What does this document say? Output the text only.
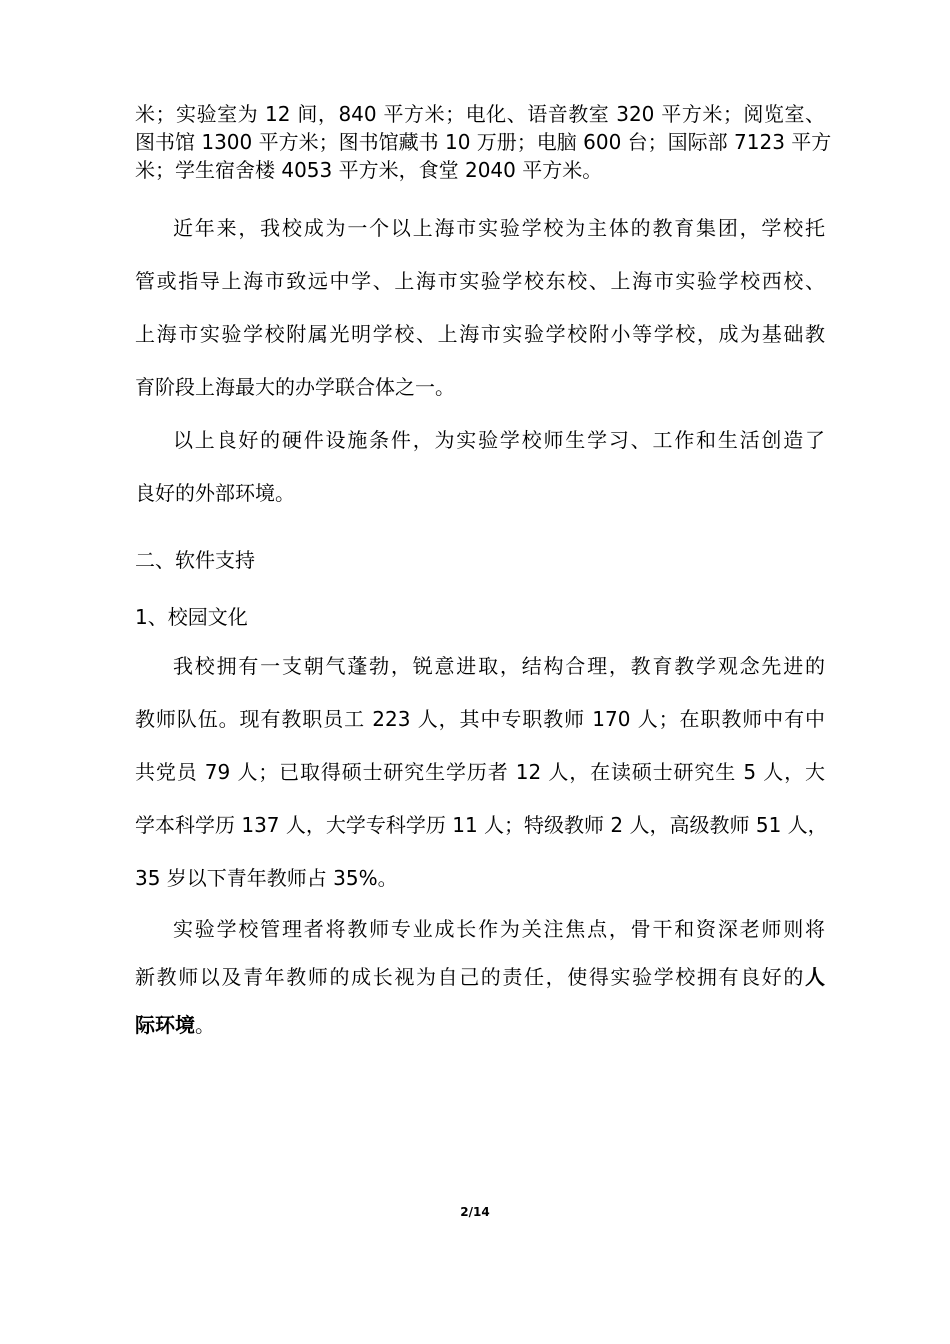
米；实验室为 12 间，840 平方米；电化、语音教室 320 平方米；阅览室、
图书馆 1300 平方米；图书馆藏书 10 万册；电脑 600 台；国际部 7123 平方
米；学生宿舍楼 4053 平方米，食堂 2040 平方米。
近年来，我校成为一个以上海市实验学校为主体的教育集团，学校托
管或指导上海市致远中学、上海市实验学校东校、上海市实验学校西校、
上海市实验学校附属光明学校、上海市实验学校附小等学校，成为基础教
育阶段上海最大的办学联合体之一。
以上良好的硬件设施条件，为实验学校师生学习、工作和生活创造了
良好的外部环境。
二、软件支持
1、校园文化
我校拥有一支朝气蓬勃，锐意进取，结构合理，教育教学观念先进的
教师队伍。现有教职员工 223 人，其中专职教师 170 人；在职教师中有中
共党员 79 人；已取得硕士研究生学历者 12 人，在读硕士研究生 5 人，大
学本科学历 137 人，大学专科学历 11 人；特级教师 2 人，高级教师 51 人，
35 岁以下青年教师占 35%。
实验学校管理者将教师专业成长作为关注焦点，骨干和资深老师则将
新教师以及青年教师的成长视为自己的责任，使得实验学校拥有良好的人
际环境。
2/14
